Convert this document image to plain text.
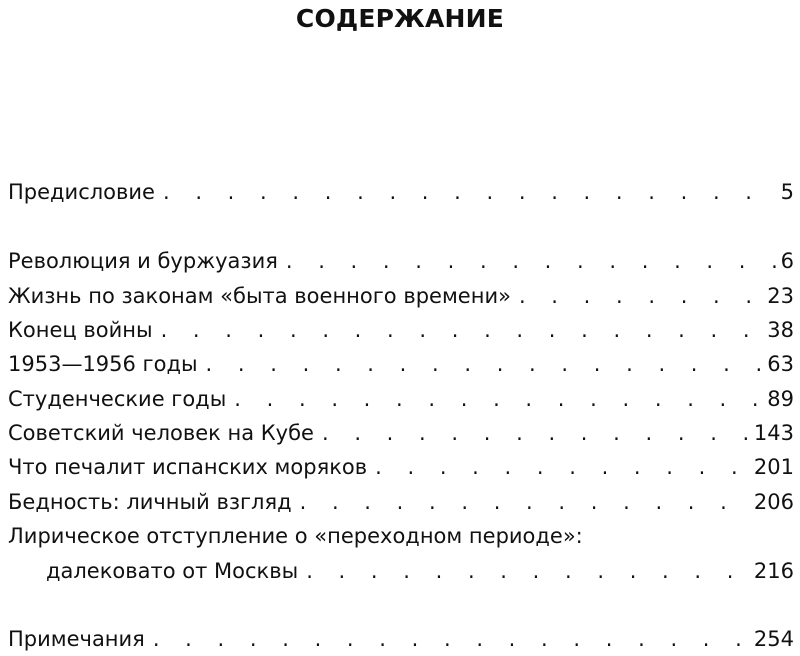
СОДЕРЖАНИЕ
Предисловие . . .	5
Революция и буржуазия . . .	6
Жизнь по законам «быта военного времени» . . .	23
Конец войны . . .	38
1953—1956 годы . . .	63
Студенческие годы . . .	89
Советский человек на Кубе . . .	143
Что печалит испанских моряков . . .	201
Бедность: личный взгляд . . .	206
Лирическое отступление о «переходном периоде»:
далековато от Москвы . . .	216
Примечания . . .	254
